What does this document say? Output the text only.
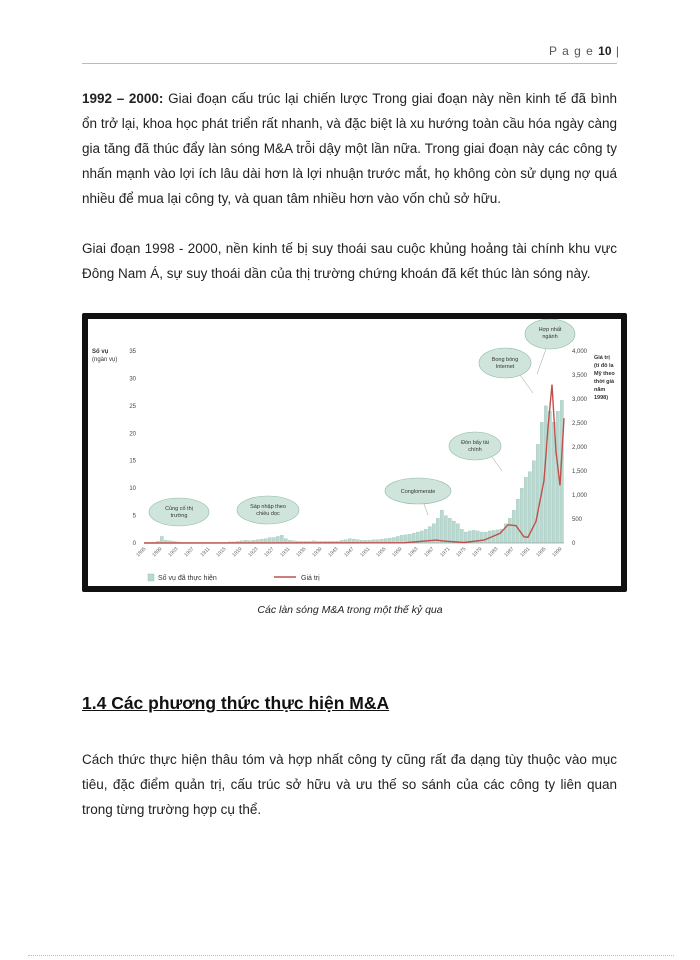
P a g e 10 |

1992 – 2000: Giai đoạn cấu trúc lại chiến lược Trong giai đoạn này nền kinh tế đã bình ổn trở lại, khoa học phát triển rất nhanh, và đặc biệt là xu hướng toàn cầu hóa ngày càng gia tăng đã thúc đẩy làn sóng M&A trỗi dậy một lần nữa. Trong giai đoạn này các công ty nhấn mạnh vào lợi ích lâu dài hơn là lợi nhuận trước mắt, họ không còn sử dụng nợ quá nhiều để mua lại công ty, và quan tâm nhiều hơn vào vốn chủ sở hữu.

Giai đoạn 1998 - 2000, nền kinh tế bị suy thoái sau cuộc khủng hoảng tài chính khu vực Đông Nam Á, sự suy thoái dần của thị trường chứng khoán đã kết thúc làn sóng này.

0
5
10
15
20
25
30
35
0
500
1,000
1,500
2,000
2,500
3,000
3,500
4,000
1895 1899 1903 1907 1911 1915 1919 1923 1927 1931 1935 1939 1943 1947 1951 1955 1959 1963 1967 1971 1975 1979 1983 1987 1991 1995 1999
Số vụ
(ngàn vụ)	Giá trị
(tỉ đô la
Mỹ theo
thời giá
năm
1998)
Củng cố thị
trường
Sáp nhập theo
chiều dọc
Conglomerate
Đòn bẩy tài
chính
Bong bóng
Internet
Hợp nhất
ngành
Số vụ đã thực hiện	Giá trị
Các làn sóng M&A trong một thế kỷ qua
1.4 Các phương thức thực hiện M&A

Cách thức thực hiện thâu tóm và hợp nhất công ty cũng rất đa dạng tùy thuộc vào mục tiêu, đặc điểm quản trị, cấu trúc sở hữu và ưu thế so sánh của các công ty liên quan trong từng trường hợp cụ thể.
